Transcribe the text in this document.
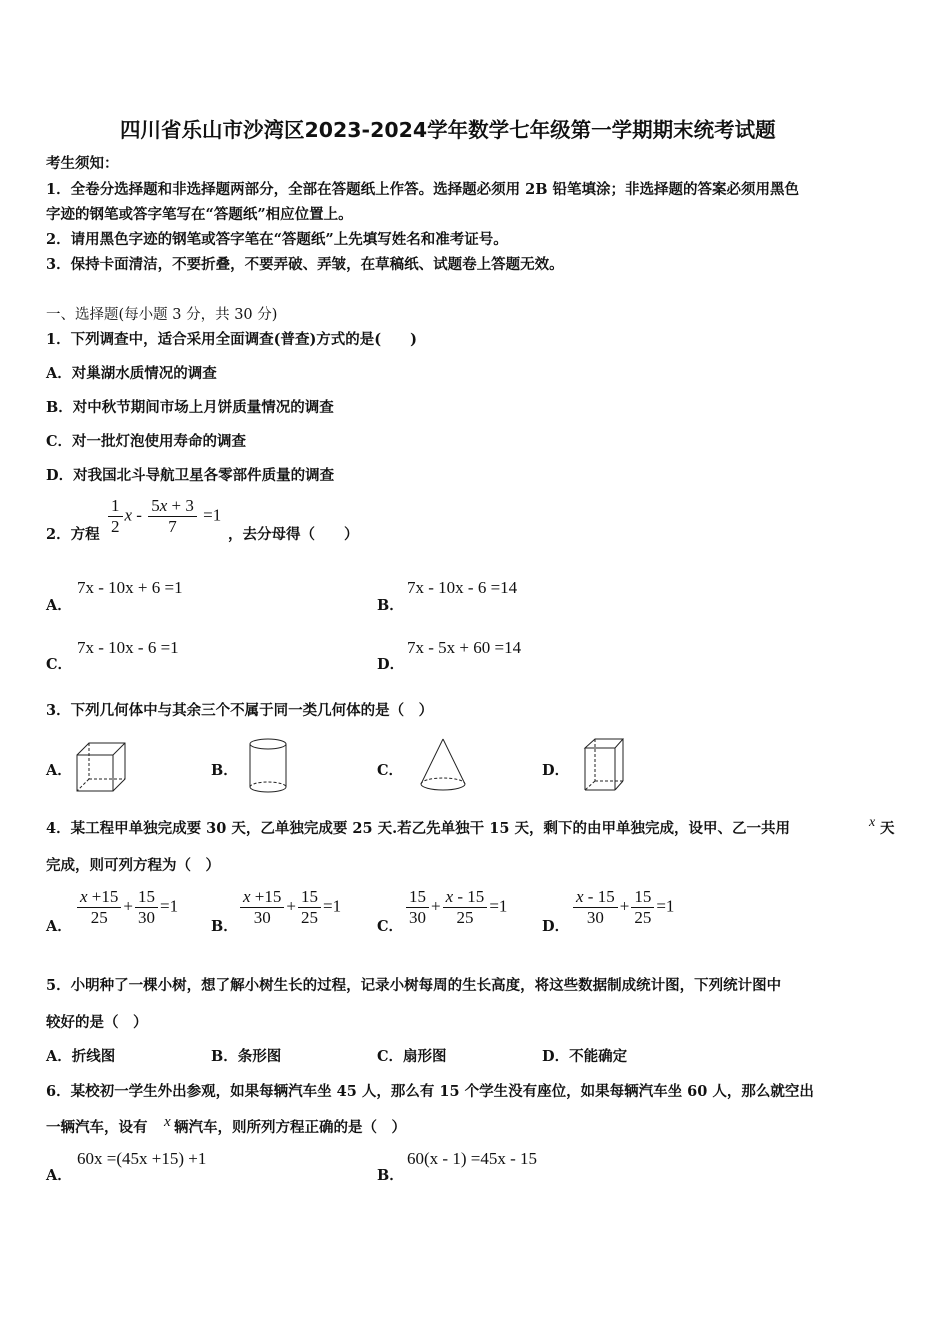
四川省乐山市沙湾区2023-2024学年数学七年级第一学期期末统考试题
考生须知：
1．全卷分选择题和非选择题两部分，全部在答题纸上作答。选择题必须用 2B 铅笔填涂；非选择题的答案必须用黑色
字迹的钢笔或答字笔写在“答题纸”相应位置上。
2．请用黑色字迹的钢笔或答字笔在“答题纸”上先填写姓名和准考证号。
3．保持卡面清洁，不要折叠，不要弄破、弄皱，在草稿纸、试题卷上答题无效。
一、选择题(每小题 3 分，共 30 分)
1．下列调查中，适合采用全面调查(普查)方式的是(　　)
A．对巢湖水质情况的调查
B．对中秋节期间市场上月饼质量情况的调查
C．对一批灯泡使用寿命的调查
D．对我国北斗导航卫星各零部件质量的调查
2．方程 $\frac{1}{2}$ $x - \frac{5x + 3}{7} =1$
，去分母得（　　）
A．
7x - 10x + 6 =1
B．
7x - 10x - 6 =14
C．
7x - 10x - 6 =1
D．
7x - 5x + 60 =14
3．下列几何体中与其余三个不属于同一类几何体的是（　）
A．	B．	C．	D．
4．某工程甲单独完成要 30 天，乙单独完成要 25 天.若乙先单独干 15 天，剩下的由甲单独完成，设甲、乙一共用	x 天
完成，则可列方程为（　）
A． $\frac{x +15}{25} + \frac{15}{30} =1$
B． $\frac{x +15}{30} + \frac{15}{25} =1$
C． $\frac{15}{30} + \frac{x - 15}{25} =1$
D． $\frac{x - 15}{30} + \frac{15}{25} =1$
5．小明种了一棵小树，想了解小树生长的过程，记录小树每周的生长高度，将这些数据制成统计图，下列统计图中
较好的是（　）
A．折线图	B．条形图	C．扇形图	D．不能确定
6．某校初一学生外出参观，如果每辆汽车坐 45 人，那么有 15 个学生没有座位，如果每辆汽车坐 60 人，那么就空出
一辆汽车，设有 x 辆汽车，则所列方程正确的是（　）
A．
60x =(45x +15) +1
B．
60(x - 1) =45x - 15
